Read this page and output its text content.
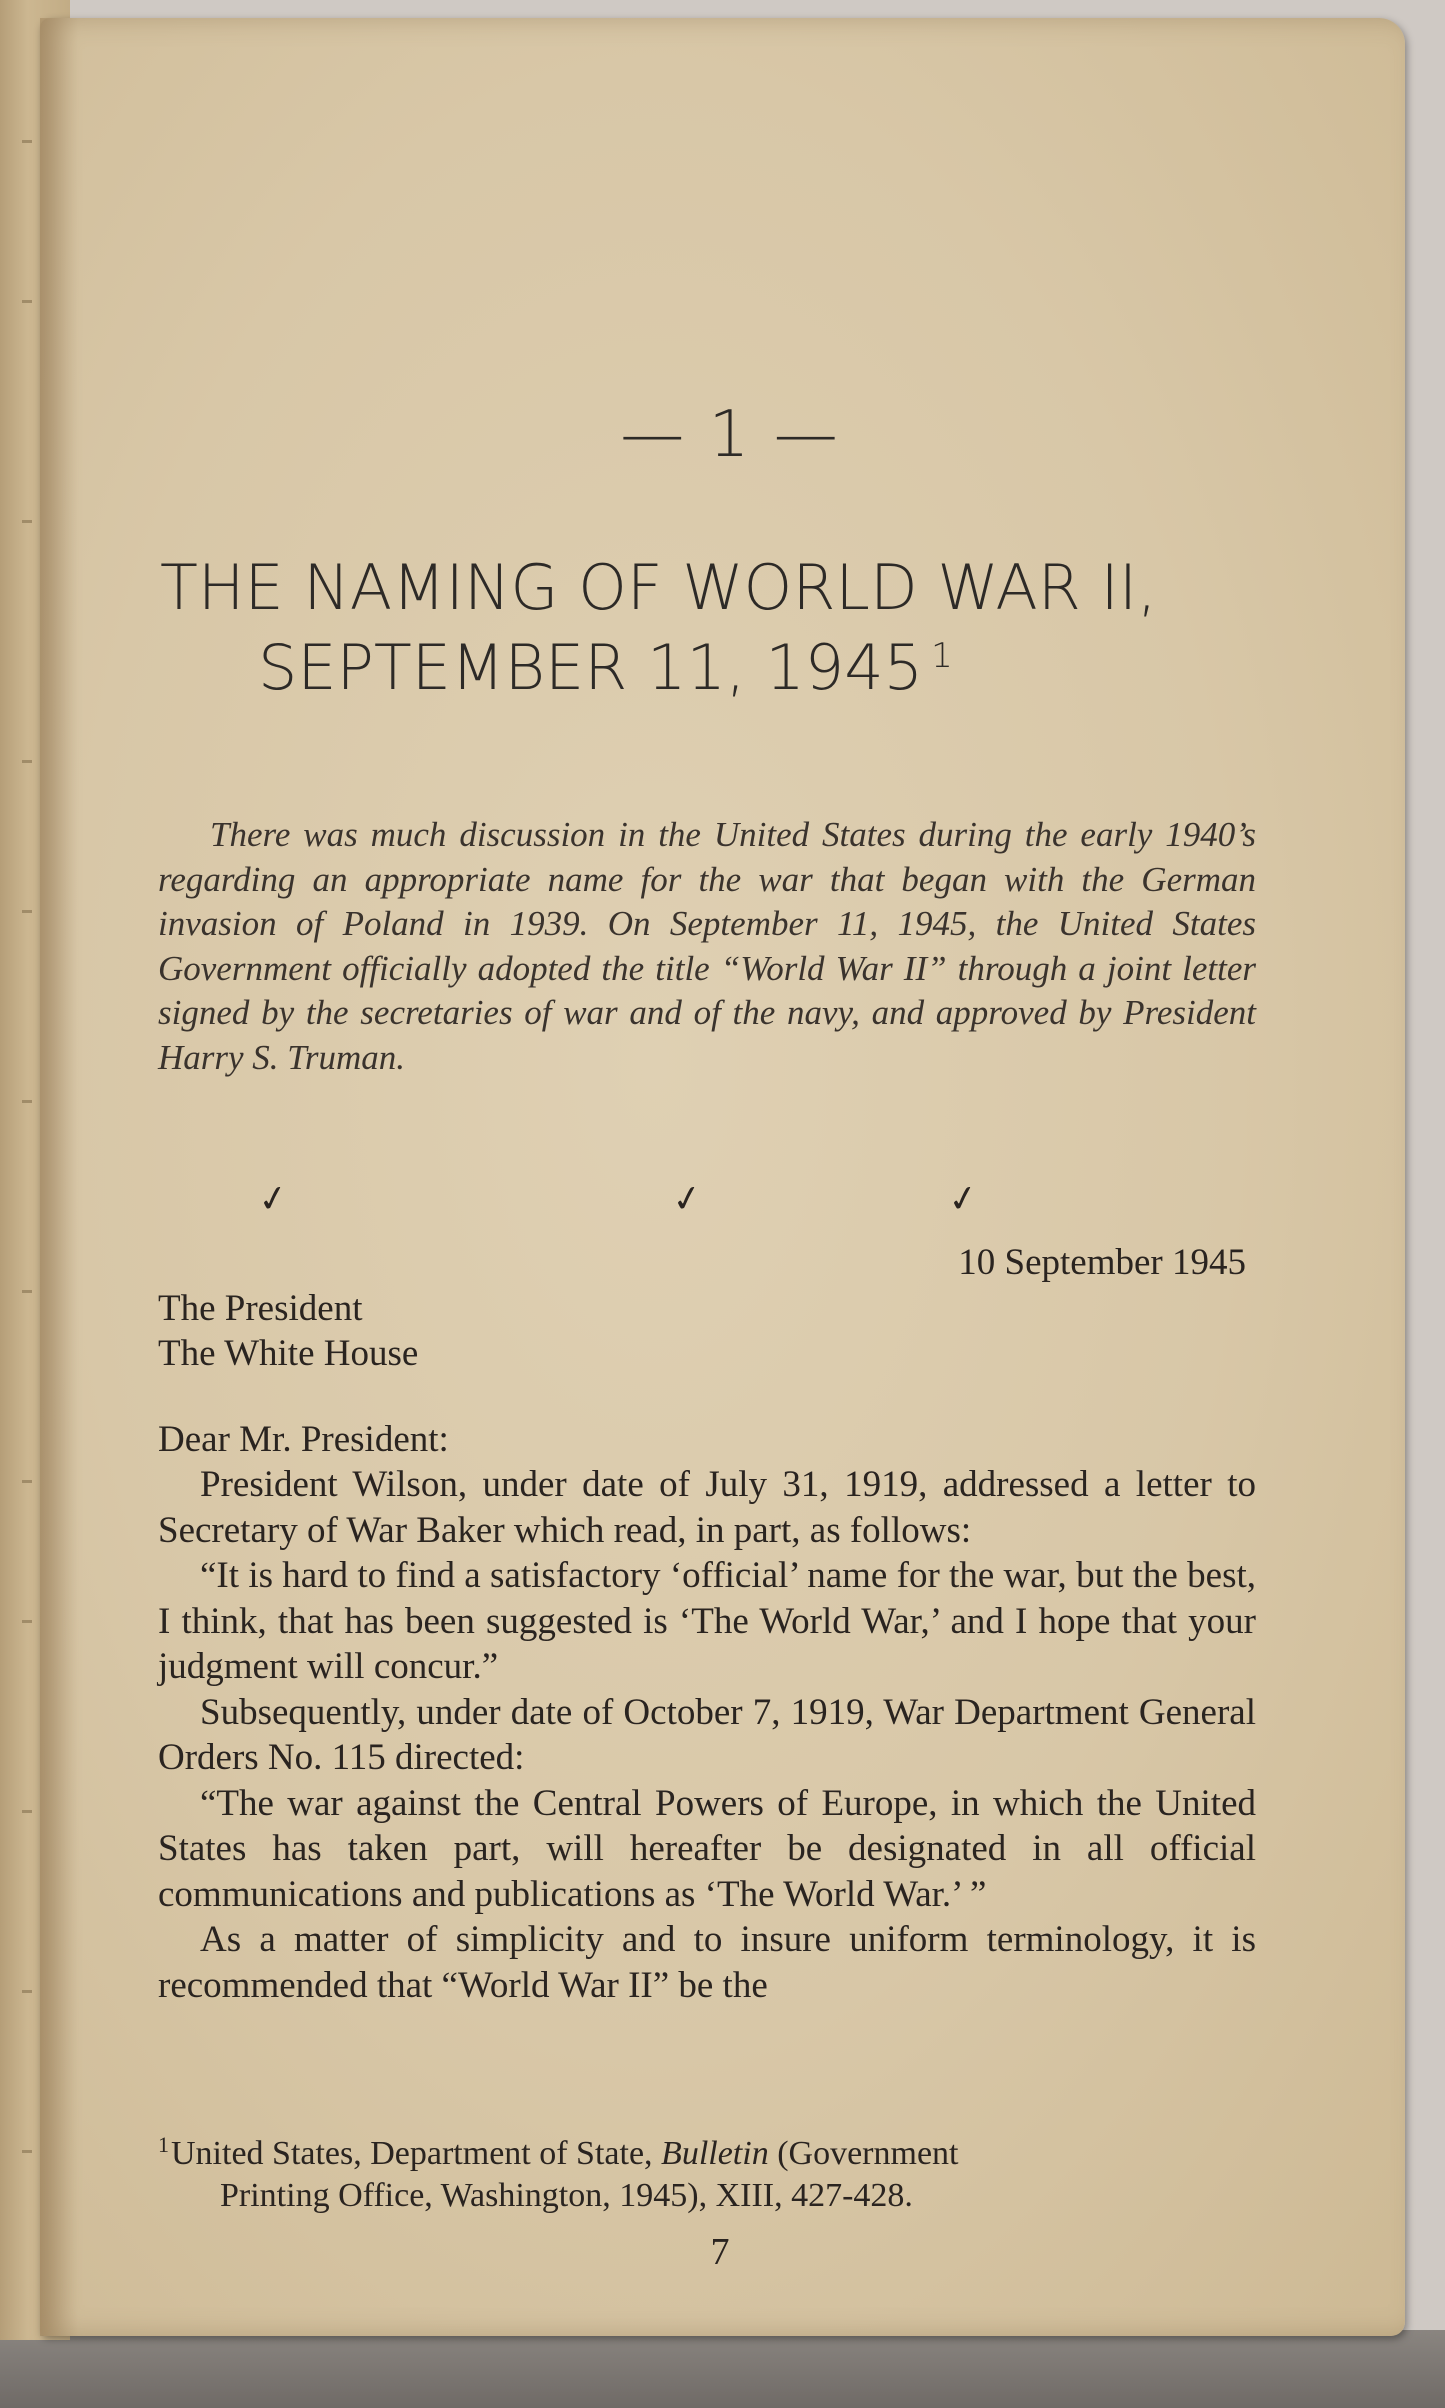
— 1 —
THE NAMING OF WORLD WAR II,
SEPTEMBER 11, 1945 $^1$

There was much discussion in the United States during the early 1940’s regarding an appropriate name for the war that began with the German invasion of Poland in 1939. On September 11, 1945, the United States Government officially adopted the title “World War II” through a joint letter signed by the secretaries of war and of the navy, and approved by President Harry S. Truman.

✓	✓	✓
10 September 1945
The President
The White House
Dear Mr. President:

President Wilson, under date of July 31, 1919, addressed a letter to Secretary of War Baker which read, in part, as follows:

“It is hard to find a satisfactory ‘official’ name for the war, but the best, I think, that has been suggested is ‘The World War,’ and I hope that your judgment will concur.”

Subsequently, under date of October 7, 1919, War Department General Orders No. 115 directed:

“The war against the Central Powers of Europe, in which the United States has taken part, will hereafter be designated in all official communications and publications as ‘The World War.’ ”

As a matter of simplicity and to insure uniform terminology, it is recommended that “World War II” be the

$^1$United States, Department of State, Bulletin (Government
Printing Office, Washington, 1945), XIII, 427-428.
7
